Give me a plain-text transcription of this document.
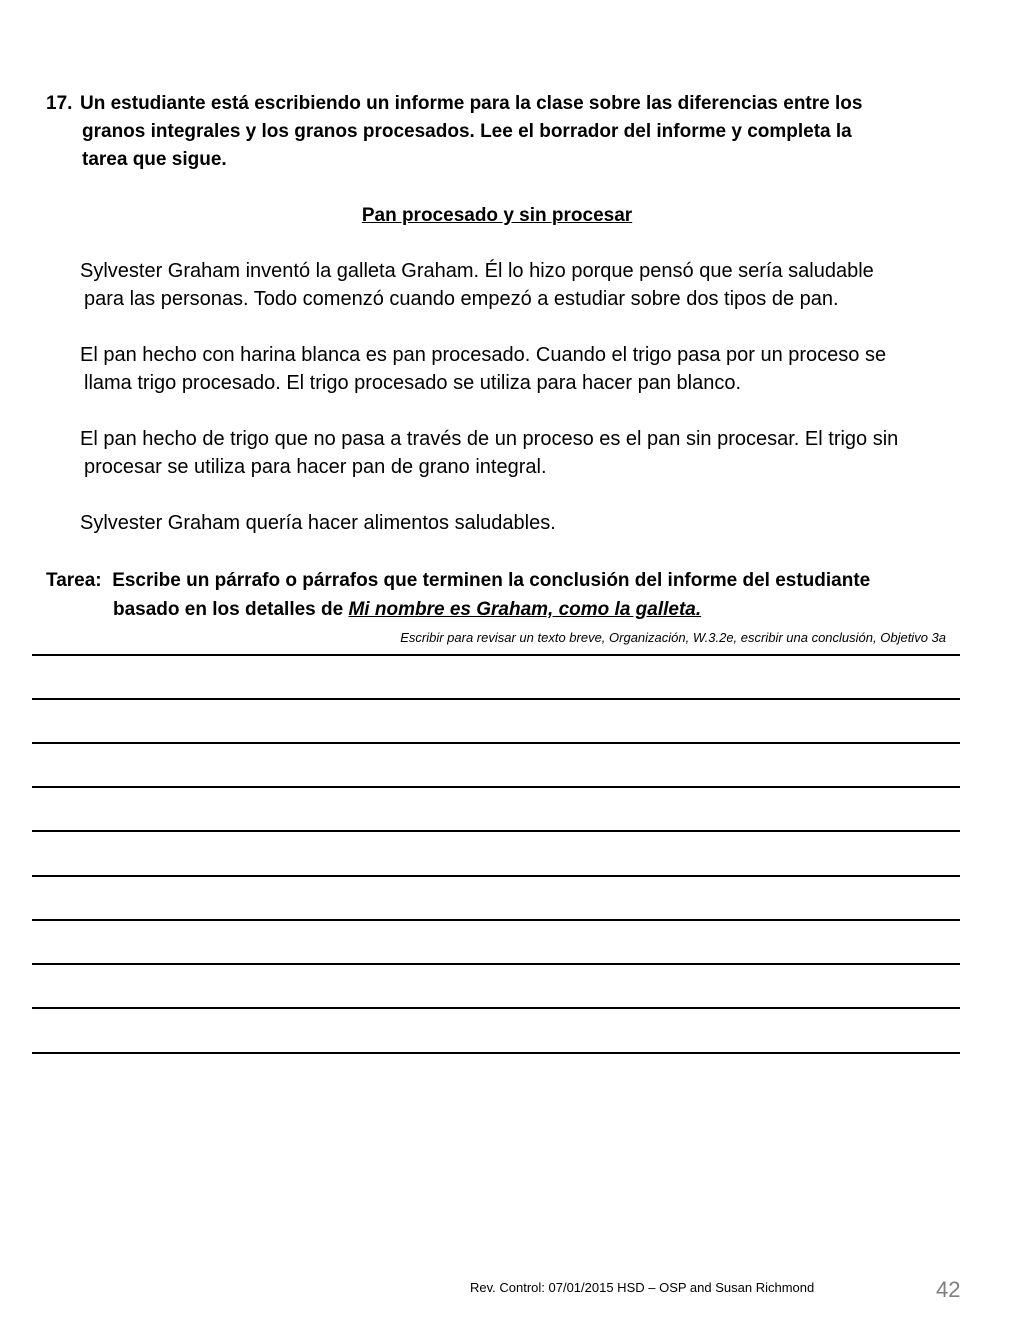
17. Un estudiante está escribiendo un informe para la clase sobre las diferencias entre los
granos integrales y los granos procesados. Lee el borrador del informe y completa la
tarea que sigue.
Pan procesado y sin procesar
Sylvester Graham inventó la galleta Graham. Él lo hizo porque pensó que sería saludable
para las personas. Todo comenzó cuando empezó a estudiar sobre dos tipos de pan.
El pan hecho con harina blanca es pan procesado. Cuando el trigo pasa por un proceso se
llama trigo procesado. El trigo procesado se utiliza para hacer pan blanco.
El pan hecho de trigo que no pasa a través de un proceso es el pan sin procesar. El trigo sin
procesar se utiliza para hacer pan de grano integral.
Sylvester Graham quería hacer alimentos saludables.
Tarea: Escribe un párrafo o párrafos que terminen la conclusión del informe del estudiante
basado en los detalles de Mi nombre es Graham, como la galleta.
Escribir para revisar un texto breve, Organización, W.3.2e, escribir una conclusión, Objetivo 3a
Rev. Control: 07/01/2015 HSD – OSP and Susan Richmond	42
